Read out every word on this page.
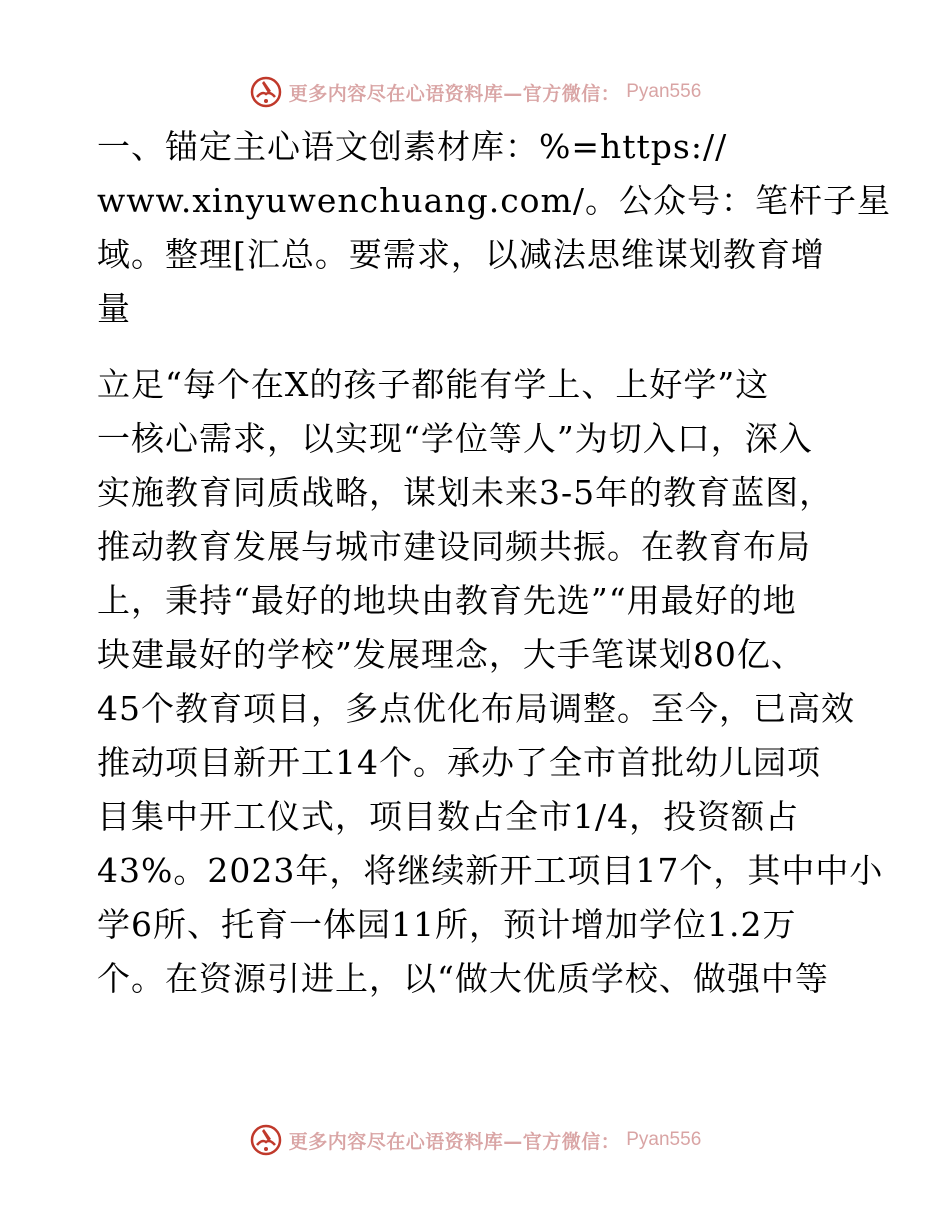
更多内容尽在心语资料库—官方微信： Pyan556
一、锚定主心语文创素材库：%=https://
www.xinyuwenchuang.com/。公众号：笔杆子星
域。整理[汇总。要需求，以减法思维谋划教育增
量
立足“每个在X的孩子都能有学上、上好学”这
一核心需求，以实现“学位等人”为切入口，深入
实施教育同质战略，谋划未来3-5年的教育蓝图，
推动教育发展与城市建设同频共振。在教育布局
上，秉持“最好的地块由教育先选”“用最好的地
块建最好的学校”发展理念，大手笔谋划80亿、
45个教育项目，多点优化布局调整。至今，已高效
推动项目新开工14个。承办了全市首批幼儿园项
目集中开工仪式，项目数占全市1/4，投资额占
43%。2023年，将继续新开工项目17个，其中中小
学6所、托育一体园11所，预计增加学位1.2万
个。在资源引进上，以“做大优质学校、做强中等
更多内容尽在心语资料库—官方微信： Pyan556
